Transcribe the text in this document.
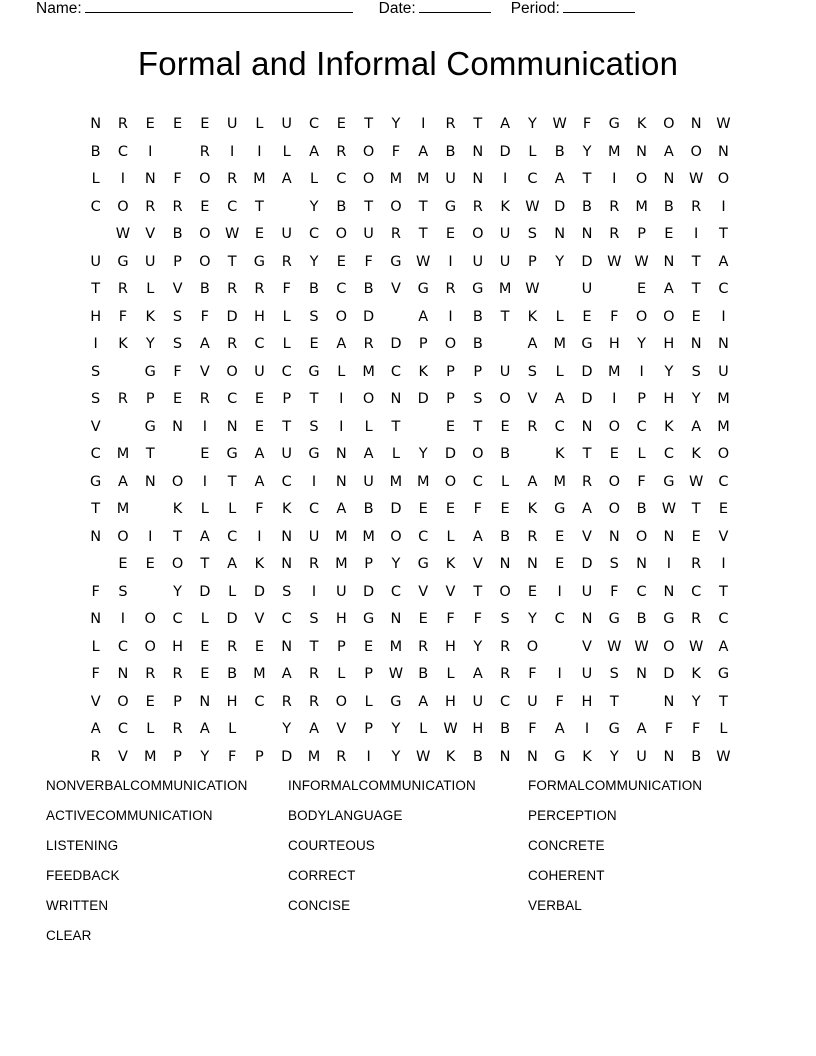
Name:	Date:	Period:
Formal and Informal Communication
N	R	E	E	E	U	L	U	C	E	T	Y	I	R	T	A	Y	W	F	G	K	O	N	W
B	C	I		R	I	I	L	A	R	O	F	A	B	N	D	L	B	Y	M	N	A	O	N
L	I	N	F	O	R	M	A	L	C	O	M	M	U	N	I	C	A	T	I	O	N	W	O
C	O	R	R	E	C	T		Y	B	T	O	T	G	R	K	W	D	B	R	M	B	R	I
	W	V	B	O	W	E	U	C	O	U	R	T	E	O	U	S	N	N	R	P	E	I	T
U	G	U	P	O	T	G	R	Y	E	F	G	W	I	U	U	P	Y	D	W	W	N	T	A
T	R	L	V	B	R	R	F	B	C	B	V	G	R	G	M	W		U		E	A	T	C
H	F	K	S	F	D	H	L	S	O	D		A	I	B	T	K	L	E	F	O	O	E	I
I	K	Y	S	A	R	C	L	E	A	R	D	P	O	B		A	M	G	H	Y	H	N	N
S		G	F	V	O	U	C	G	L	M	C	K	P	P	U	S	L	D	M	I	Y	S	U
S	R	P	E	R	C	E	P	T	I	O	N	D	P	S	O	V	A	D	I	P	H	Y	M
V		G	N	I	N	E	T	S	I	L	T		E	T	E	R	C	N	O	C	K	A	M
C	M	T		E	G	A	U	G	N	A	L	Y	D	O	B		K	T	E	L	C	K	O
G	A	N	O	I	T	A	C	I	N	U	M	M	O	C	L	A	M	R	O	F	G	W	C
T	M		K	L	L	F	K	C	A	B	D	E	E	F	E	K	G	A	O	B	W	T	E
N	O	I	T	A	C	I	N	U	M	M	O	C	L	A	B	R	E	V	N	O	N	E	V
	E	E	O	T	A	K	N	R	M	P	Y	G	K	V	N	N	E	D	S	N	I	R	I
F	S		Y	D	L	D	S	I	U	D	C	V	V	T	O	E	I	U	F	C	N	C	T
N	I	O	C	L	D	V	C	S	H	G	N	E	F	F	S	Y	C	N	G	B	G	R	C
L	C	O	H	E	R	E	N	T	P	E	M	R	H	Y	R	O		V	W	W	O	W	A
F	N	R	R	E	B	M	A	R	L	P	W	B	L	A	R	F	I	U	S	N	D	K	G
V	O	E	P	N	H	C	R	R	O	L	G	A	H	U	C	U	F	H	T		N	Y	T
A	C	L	R	A	L		Y	A	V	P	Y	L	W	H	B	F	A	I	G	A	F	F	L
R	V	M	P	Y	F	P	D	M	R	I	Y	W	K	B	N	N	G	K	Y	U	N	B	W
NONVERBALCOMMUNICATION	INFORMALCOMMUNICATION	FORMALCOMMUNICATION
ACTIVECOMMUNICATION	BODYLANGUAGE	PERCEPTION
LISTENING	COURTEOUS	CONCRETE
FEEDBACK	CORRECT	COHERENT
WRITTEN	CONCISE	VERBAL
CLEAR
